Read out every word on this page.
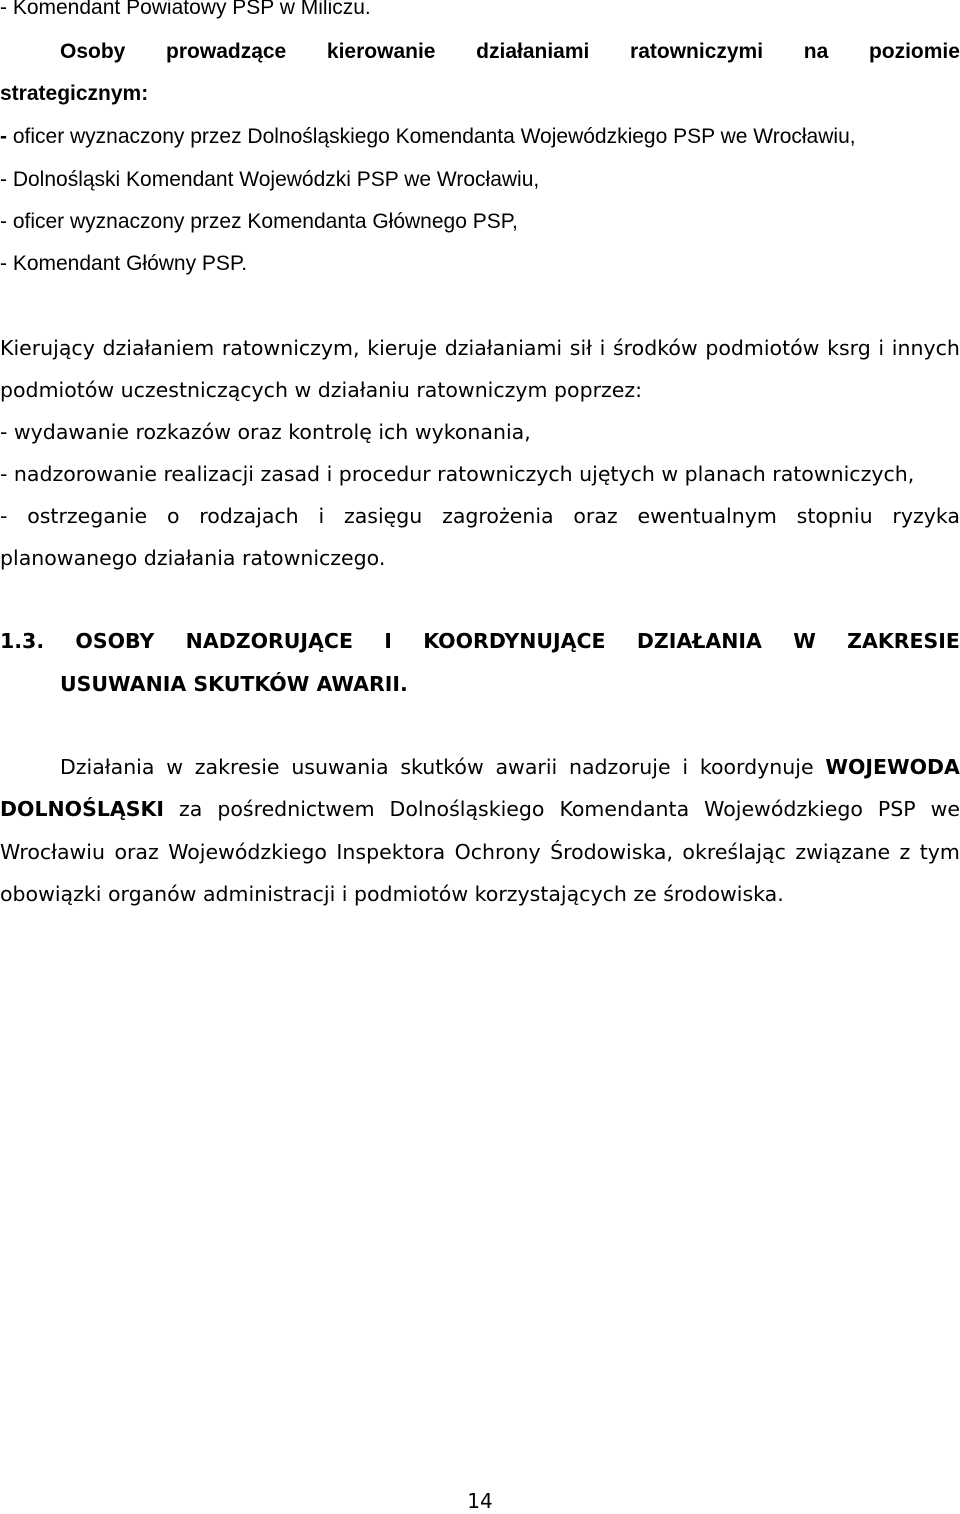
- Komendant Powiatowy PSP w Miliczu.
Osoby prowadzące kierowanie działaniami ratowniczymi na poziomie
strategicznym:
- oficer wyznaczony przez Dolnośląskiego Komendanta Wojewódzkiego PSP we Wrocławiu,
- Dolnośląski Komendant Wojewódzki PSP we Wrocławiu,
- oficer wyznaczony przez Komendanta Głównego PSP,
- Komendant Główny PSP.
Kierujący działaniem ratowniczym, kieruje działaniami sił i środków podmiotów ksrg i innych
podmiotów uczestniczących w działaniu ratowniczym poprzez:
- wydawanie rozkazów oraz kontrolę ich wykonania,
- nadzorowanie realizacji zasad i procedur ratowniczych ujętych w planach ratowniczych,
- ostrzeganie o rodzajach i zasięgu zagrożenia oraz ewentualnym stopniu ryzyka
planowanego działania ratowniczego.
1.3. OSOBY NADZORUJĄCE I KOORDYNUJĄCE DZIAŁANIA W ZAKRESIE
USUWANIA SKUTKÓW AWARII.
Działania w zakresie usuwania skutków awarii nadzoruje i koordynuje WOJEWODA
DOLNOŚLĄSKI za pośrednictwem Dolnośląskiego Komendanta Wojewódzkiego PSP we
Wrocławiu oraz Wojewódzkiego Inspektora Ochrony Środowiska, określając związane z tym
obowiązki organów administracji i podmiotów korzystających ze środowiska.
14
